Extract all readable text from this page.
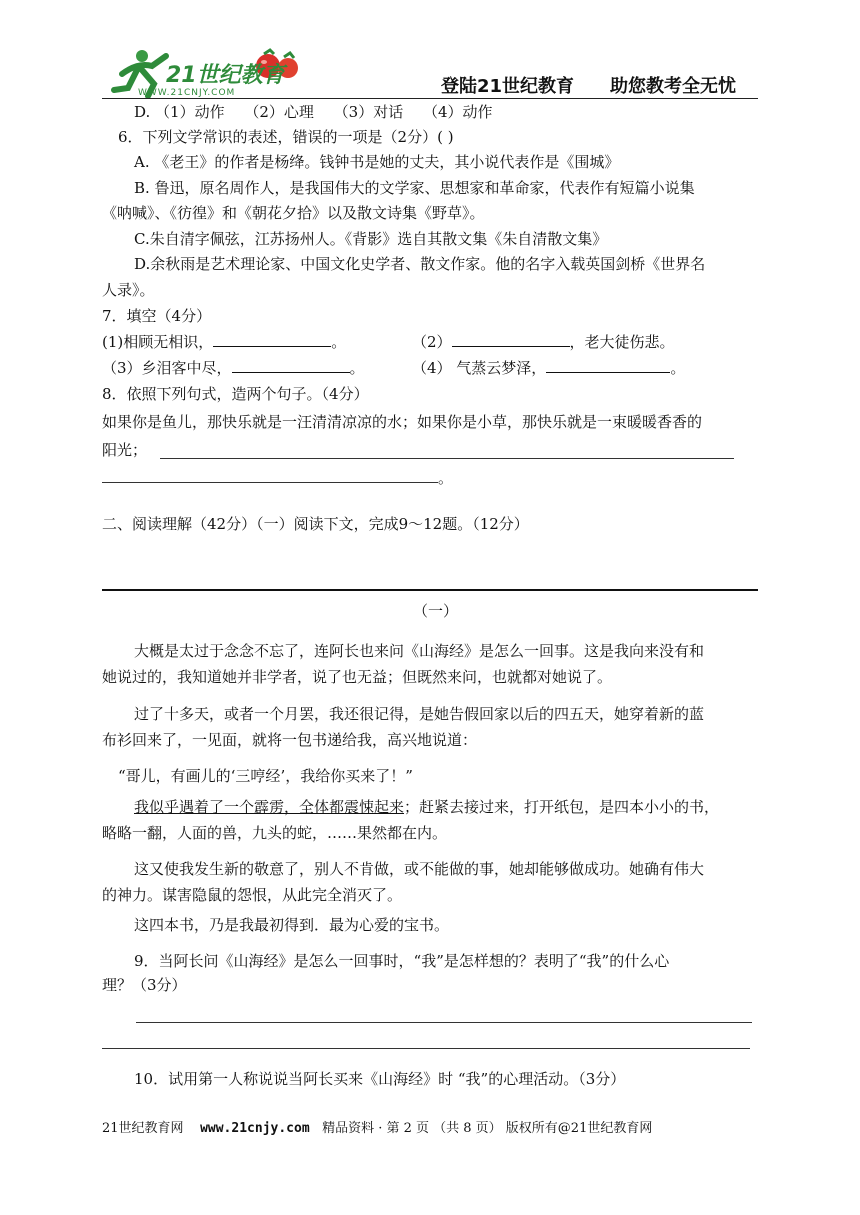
21世纪教育
WWW.21CNJY.COM	登陆21世纪教育 助您教考全无忧
D. （1）动作　 （2）心理　 （3）对话　 （4）动作
6．下列文学常识的表述，错误的一项是（2分）( )
A. 《老王》的作者是杨绛。钱钟书是她的丈夫，其小说代表作是《围城》
B. 鲁迅，原名周作人，是我国伟大的文学家、思想家和革命家，代表作有短篇小说集
《呐喊》、《彷徨》和《朝花夕拾》以及散文诗集《野草》。
C.朱自清字佩弦，江苏扬州人。《背影》选自其散文集《朱自清散文集》
D.余秋雨是艺术理论家、中国文化史学者、散文作家。他的名字入载英国剑桥《世界名
人录》。
7．填空（4分）
(1)相顾无相识，	。	（2）	，老大徒伤悲。
（3）乡泪客中尽，	。	（4） 气蒸云梦泽，	。
8．依照下列句式，造两个句子。（4分）
如果你是鱼儿，那快乐就是一汪清清凉凉的水；如果你是小草，那快乐就是一束暖暖香香的
阳光；
。
二、阅读理解（42分）（一）阅读下文，完成9～12题。（12分）
（一）
大概是太过于念念不忘了，连阿长也来问《山海经》是怎么一回事。这是我向来没有和
她说过的，我知道她并非学者，说了也无益；但既然来问，也就都对她说了。
过了十多天，或者一个月罢，我还很记得，是她告假回家以后的四五天，她穿着新的蓝
布衫回来了，一见面，就将一包书递给我，高兴地说道：
“哥儿，有画儿的‘三哼经’，我给你买来了！”
我似乎遇着了一个霹雳，全体都震悚起来；赶紧去接过来，打开纸包，是四本小小的书，
略略一翻，人面的兽，九头的蛇，……果然都在内。
这又使我发生新的敬意了，别人不肯做，或不能做的事，她却能够做成功。她确有伟大
的神力。谋害隐鼠的怨恨，从此完全消灭了。
这四本书，乃是我最初得到．最为心爱的宝书。
9．当阿长问《山海经》是怎么一回事时，“我”是怎样想的？表明了“我”的什么心
理？（3分）
10．试用第一人称说说当阿长买来《山海经》时 “我”的心理活动。（3分）
21世纪教育网 www.21cnjy.com 精品资料 · 第 2 页 （共 8 页） 版权所有@21世纪教育网
